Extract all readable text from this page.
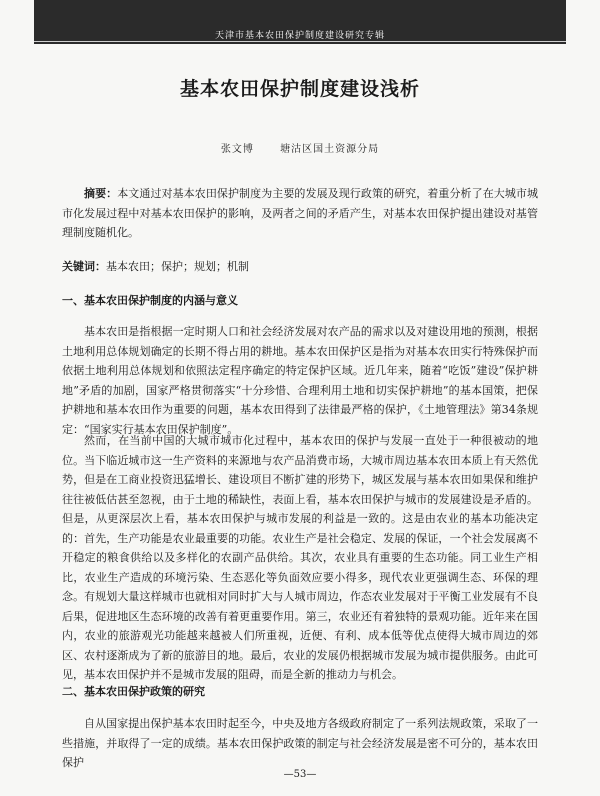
天津市基本农田保护制度建设研究专辑
基本农田保护制度建设浅析
张文博	塘沽区国土资源分局

摘要：本文通过对基本农田保护制度为主要的发展及现行政策的研究，着重分析了在大城市城市化发展过程中对基本农田保护的影响，及两者之间的矛盾产生，对基本农田保护提出建设对基管理制度随机化。

关键词：基本农田；保护；规划；机制

一、基本农田保护制度的内涵与意义

基本农田是指根据一定时期人口和社会经济发展对农产品的需求以及对建设用地的预测，根据土地利用总体规划确定的长期不得占用的耕地。基本农田保护区是指为对基本农田实行特殊保护而依据土地利用总体规划和依照法定程序确定的特定保护区域。近几年来，随着“吃饭”建设”保护耕地”矛盾的加剧，国家严格贯彻落实“十分珍惜、合理利用土地和切实保护耕地”的基本国策，把保护耕地和基本农田作为重要的问题，基本农田得到了法律最严格的保护，《土地管理法》第34条规定：“国家实行基本农田保护制度”。

然而，在当前中国的大城市城市化过程中，基本农田的保护与发展一直处于一种很被动的地位。当下临近城市这一生产资料的来源地与农产品消费市场，大城市周边基本农田本质上有天然优势，但是在工商业投资迅猛增长、建设项目不断扩建的形势下，城区发展与基本农田如果保和维护往往被低估甚至忽视，由于土地的稀缺性，表面上看，基本农田保护与城市的发展建设是矛盾的。但是，从更深层次上看，基本农田保护与城市发展的利益是一致的。这是由农业的基本功能决定的：首先，生产功能是农业最重要的功能。农业生产是社会稳定、发展的保证，一个社会发展离不开稳定的粮食供给以及多样化的农副产品供给。其次，农业具有重要的生态功能。同工业生产相比，农业生产造成的环境污染、生态恶化等负面效应要小得多，现代农业更强调生态、环保的理念。有规划大量这样城市也就相对同时扩大与人城市周边，作态农业发展对于平衡工业发展有不良后果，促进地区生态环境的改善有着更重要作用。第三，农业还有着独特的景观功能。近年来在国内，农业的旅游观光功能越来越被人们所重视，近便、有利、成本低等优点使得大城市周边的郊区、农村逐渐成为了新的旅游目的地。最后，农业的发展仍根据城市发展为城市提供服务。由此可见，基本农田保护并不是城市发展的阻碍，而是全新的推动力与机会。

二、基本农田保护政策的研究

自从国家提出保护基本农田时起至今，中央及地方各级政府制定了一系列法规政策，采取了一些措施，并取得了一定的成绩。基本农田保护政策的制定与社会经济发展是密不可分的，基本农田保护

—53—
